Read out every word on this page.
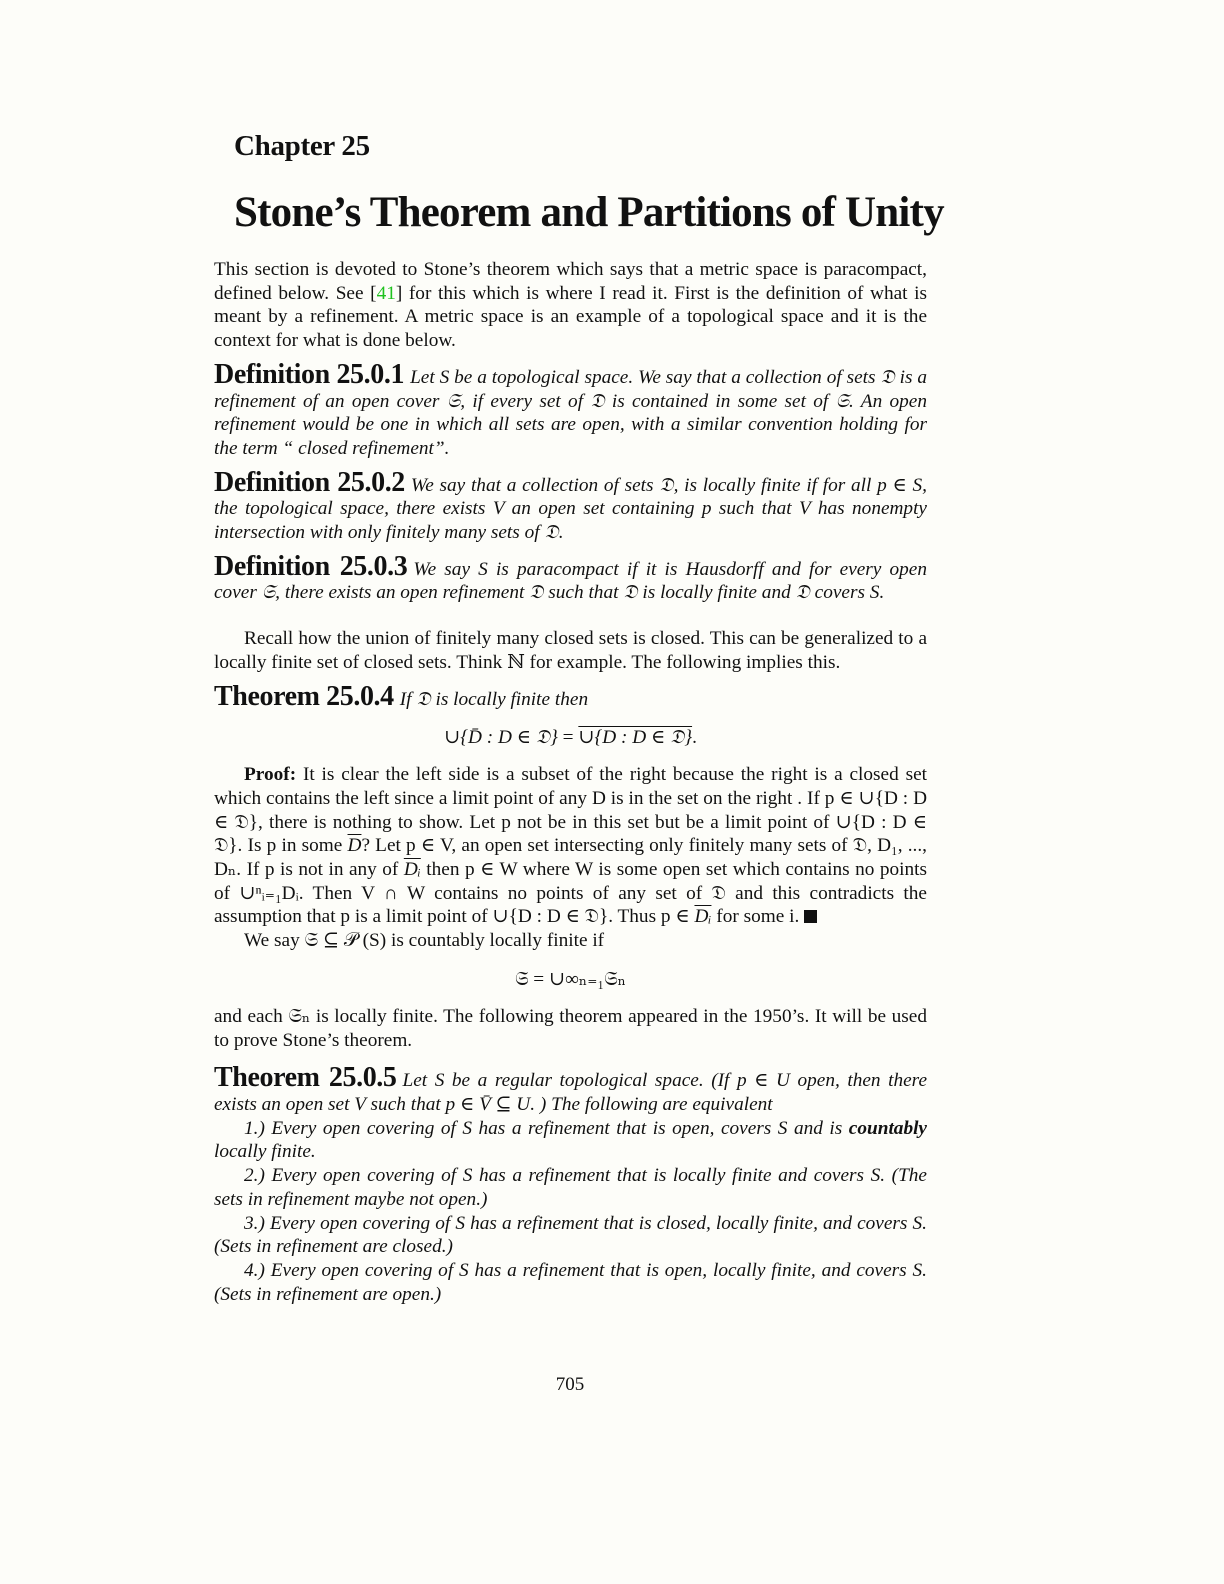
Chapter 25
Stone’s Theorem and Partitions of Unity

This section is devoted to Stone’s theorem which says that a metric space is paracompact, defined below. See [41] for this which is where I read it. First is the definition of what is meant by a refinement. A metric space is an example of a topological space and it is the context for what is done below.

Definition 25.0.1 Let S be a topological space. We say that a collection of sets 𝔇 is a refinement of an open cover 𝔖, if every set of 𝔇 is contained in some set of 𝔖. An open refinement would be one in which all sets are open, with a similar convention holding for the term “ closed refinement”.

Definition 25.0.2 We say that a collection of sets 𝔇, is locally finite if for all p ∈ S, the topological space, there exists V an open set containing p such that V has nonempty intersection with only finitely many sets of 𝔇.

Definition 25.0.3 We say S is paracompact if it is Hausdorff and for every open cover 𝔖, there exists an open refinement 𝔇 such that 𝔇 is locally finite and 𝔇 covers S.

Recall how the union of finitely many closed sets is closed. This can be generalized to a locally finite set of closed sets. Think ℕ for example. The following implies this.

Theorem 25.0.4 If 𝔇 is locally finite then

∪{D̄ : D ∈ 𝔇} = ∪{D : D ∈ 𝔇}.

Proof: It is clear the left side is a subset of the right because the right is a closed set which contains the left since a limit point of any D is in the set on the right . If p ∈ ∪{D : D ∈ 𝔇}, there is nothing to show. Let p not be in this set but be a limit point of ∪{D : D ∈ 𝔇}. Is p in some $\overline{D}$? Let p ∈ V, an open set intersecting only finitely many sets of 𝔇, D₁, ..., Dₙ. If p is not in any of $\overline{Dᵢ}$ then p ∈ W where W is some open set which contains no points of ∪ⁿᵢ₌₁Dᵢ. Then V ∩ W contains no points of any set of 𝔇 and this contradicts the assumption that p is a limit point of ∪{D : D ∈ 𝔇}. Thus p ∈ $\overline{Dᵢ}$ for some i.

We say 𝔖 ⊆ 𝒫 (S) is countably locally finite if

𝔖 = ∪∞ₙ₌₁𝔖ₙ

and each 𝔖ₙ is locally finite. The following theorem appeared in the 1950’s. It will be used to prove Stone’s theorem.

Theorem 25.0.5 Let S be a regular topological space. (If p ∈ U open, then there exists an open set V such that p ∈ V̄ ⊆ U. ) The following are equivalent

1.) Every open covering of S has a refinement that is open, covers S and is countably locally finite.

2.) Every open covering of S has a refinement that is locally finite and covers S. (The sets in refinement maybe not open.)

3.) Every open covering of S has a refinement that is closed, locally finite, and covers S. (Sets in refinement are closed.)

4.) Every open covering of S has a refinement that is open, locally finite, and covers S. (Sets in refinement are open.)

705
